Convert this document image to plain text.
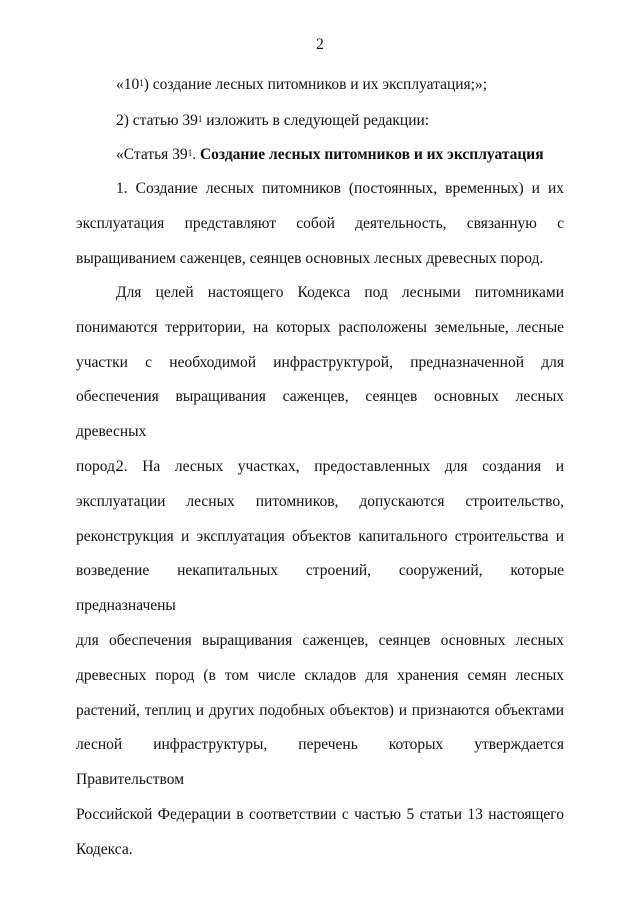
2
«$10^1$) создание лесных питомников и их эксплуатация;»;
2) статью $39^1$ изложить в следующей редакции:
«Статья $39^1$. Создание лесных питомников и их эксплуатация
1. Создание лесных питомников (постоянных, временных) и их
эксплуатация представляют собой деятельность, связанную с
выращиванием саженцев, сеянцев основных лесных древесных пород.
Для целей настоящего Кодекса под лесными питомниками
понимаются территории, на которых расположены земельные, лесные
участки с необходимой инфраструктурой, предназначенной для
обеспечения выращивания саженцев, сеянцев основных лесных древесных
пород.
2. На лесных участках, предоставленных для создания и
эксплуатации лесных питомников, допускаются строительство,
реконструкция и эксплуатация объектов капитального строительства и
возведение некапитальных строений, сооружений, которые предназначены
для обеспечения выращивания саженцев, сеянцев основных лесных
древесных пород (в том числе складов для хранения семян лесных
растений, теплиц и других подобных объектов) и признаются объектами
лесной инфраструктуры, перечень которых утверждается Правительством
Российской Федерации в соответствии с частью 5 статьи 13 настоящего
Кодекса.
